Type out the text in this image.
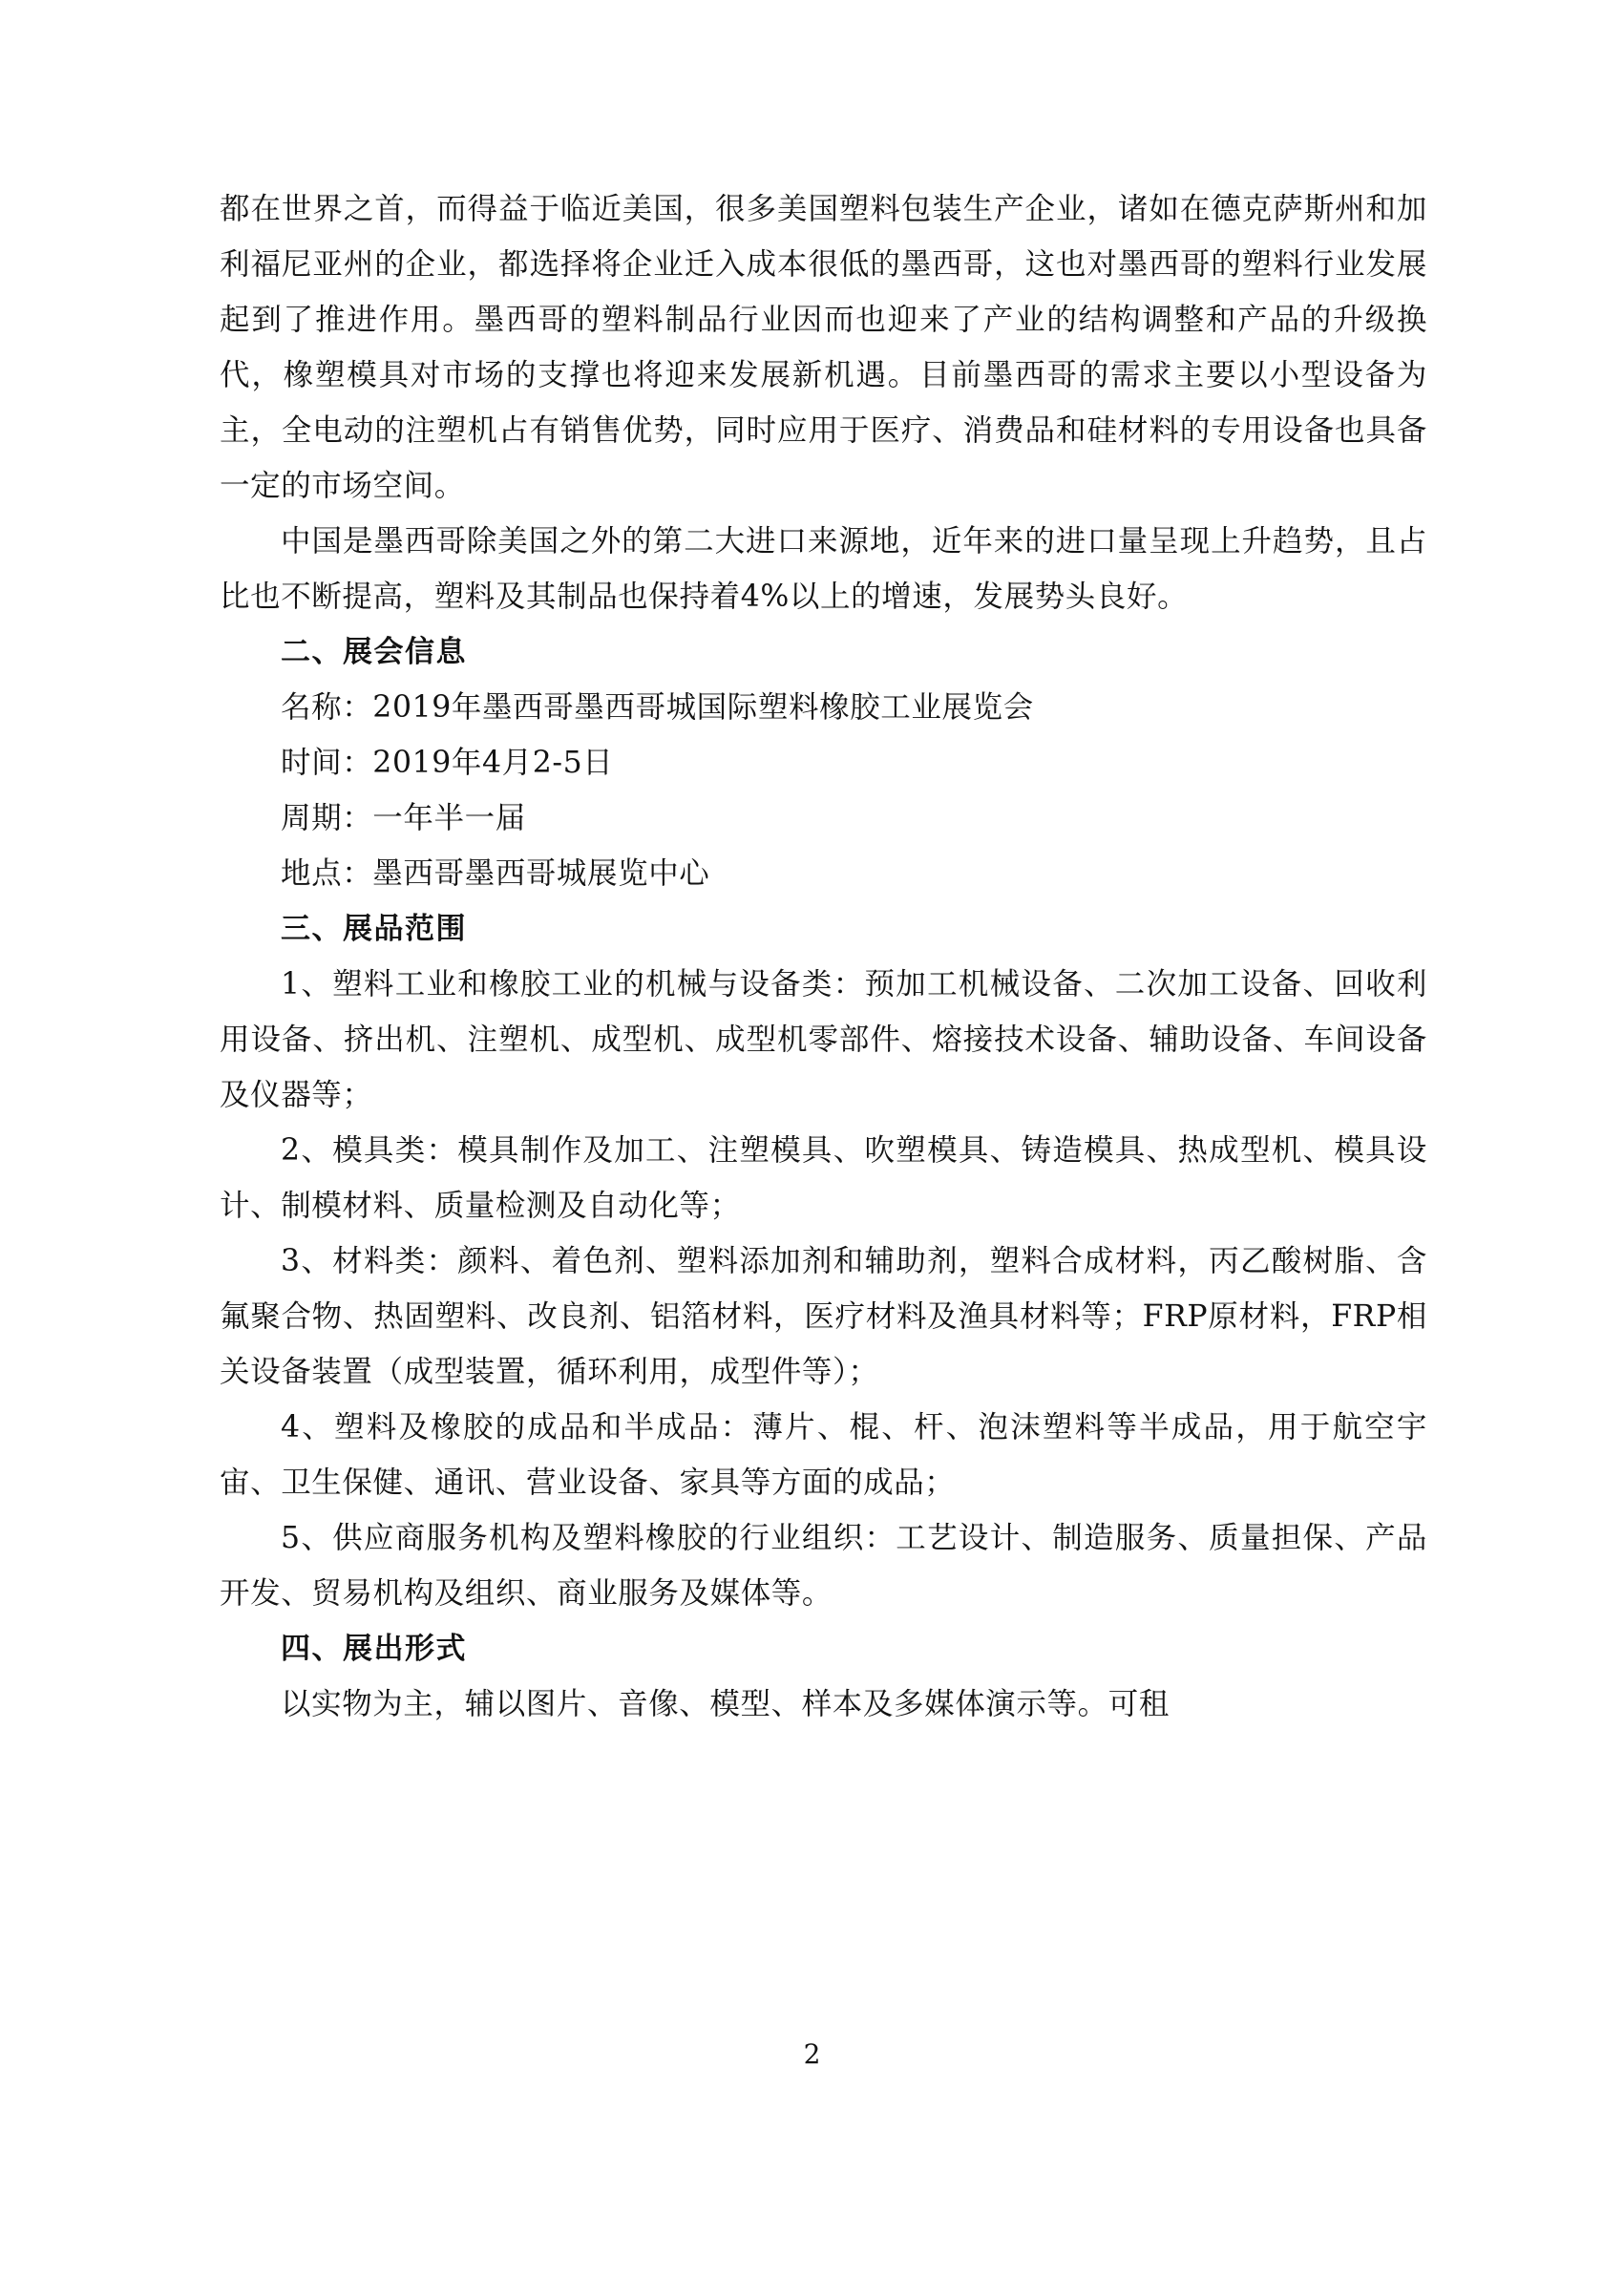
都在世界之首，而得益于临近美国，很多美国塑料包装生产企业，诸如在德克萨斯州和加利福尼亚州的企业，都选择将企业迁入成本很低的墨西哥，这也对墨西哥的塑料行业发展起到了推进作用。墨西哥的塑料制品行业因而也迎来了产业的结构调整和产品的升级换代，橡塑模具对市场的支撑也将迎来发展新机遇。目前墨西哥的需求主要以小型设备为主，全电动的注塑机占有销售优势，同时应用于医疗、消费品和硅材料的专用设备也具备一定的市场空间。

中国是墨西哥除美国之外的第二大进口来源地，近年来的进口量呈现上升趋势，且占比也不断提高，塑料及其制品也保持着4%以上的增速，发展势头良好。

二、展会信息

名称：2019年墨西哥墨西哥城国际塑料橡胶工业展览会

时间：2019年4月2-5日

周期：一年半一届

地点：墨西哥墨西哥城展览中心

三、展品范围

1、塑料工业和橡胶工业的机械与设备类：预加工机械设备、二次加工设备、回收利用设备、挤出机、注塑机、成型机、成型机零部件、熔接技术设备、辅助设备、车间设备及仪器等；

2、模具类：模具制作及加工、注塑模具、吹塑模具、铸造模具、热成型机、模具设计、制模材料、质量检测及自动化等；

3、材料类：颜料、着色剂、塑料添加剂和辅助剂，塑料合成材料，丙乙酸树脂、含氟聚合物、热固塑料、改良剂、铝箔材料，医疗材料及渔具材料等；FRP原材料，FRP相关设备装置（成型装置，循环利用，成型件等）；

4、塑料及橡胶的成品和半成品：薄片、棍、杆、泡沫塑料等半成品，用于航空宇宙、卫生保健、通讯、营业设备、家具等方面的成品；

5、供应商服务机构及塑料橡胶的行业组织：工艺设计、制造服务、质量担保、产品开发、贸易机构及组织、商业服务及媒体等。

四、展出形式

以实物为主，辅以图片、音像、模型、样本及多媒体演示等。可租

2
